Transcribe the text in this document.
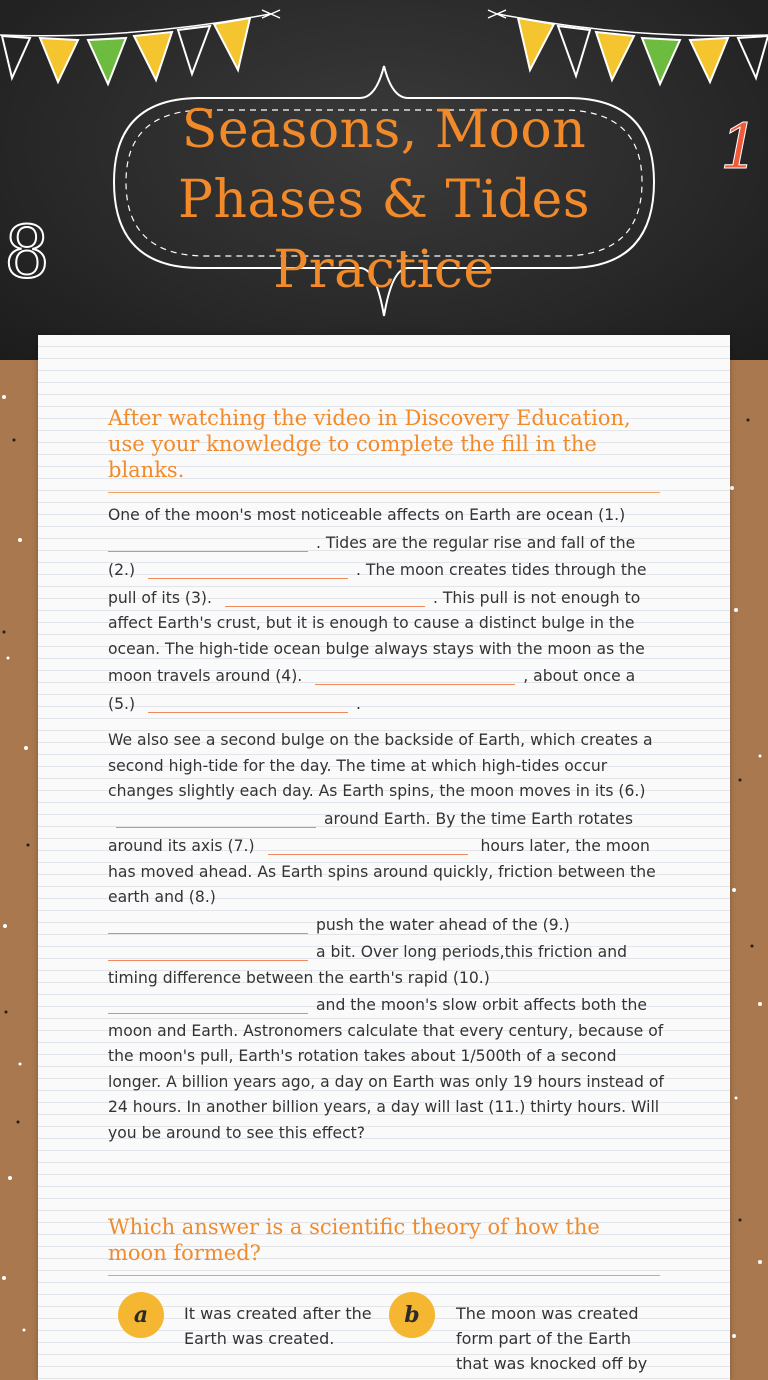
8
1
Seasons, Moon Phases & Tides Practice
After watching the video in Discovery Education, use your knowledge to complete the fill in the blanks.

One of the moon's most noticeable affects on Earth are ocean (1.)
. Tides are the regular rise and fall of the (2.)	. The moon creates tides through the pull of its (3).	. This pull is not enough to affect Earth's crust, but it is enough to cause a distinct bulge in the ocean. The high-tide ocean bulge always stays with the moon as the moon travels around (4).	, about once a (5.)	.

We also see a second bulge on the backside of Earth, which creates a second high-tide for the day. The time at which high-tides occur changes slightly each day. As Earth spins, the moon moves in its (6.) around Earth. By the time Earth rotates around its axis (7.)	hours later, the moon has moved ahead. As Earth spins around quickly, friction between the earth and (8.)
push the water ahead of the (9.)
a bit. Over long periods,this friction and timing difference between the earth's rapid (10.)
and the moon's slow orbit affects both the moon and Earth. Astronomers calculate that every century, because of the moon's pull, Earth's rotation takes about 1/500th of a second longer. A billion years ago, a day on Earth was only 19 hours instead of 24 hours. In another billion years, a day will last (11.) thirty hours. Will you be around to see this effect?

Which answer is a scientific theory of how the moon formed?
a	It was created after the Earth was created.
b	The moon was created form part of the Earth that was knocked off by
